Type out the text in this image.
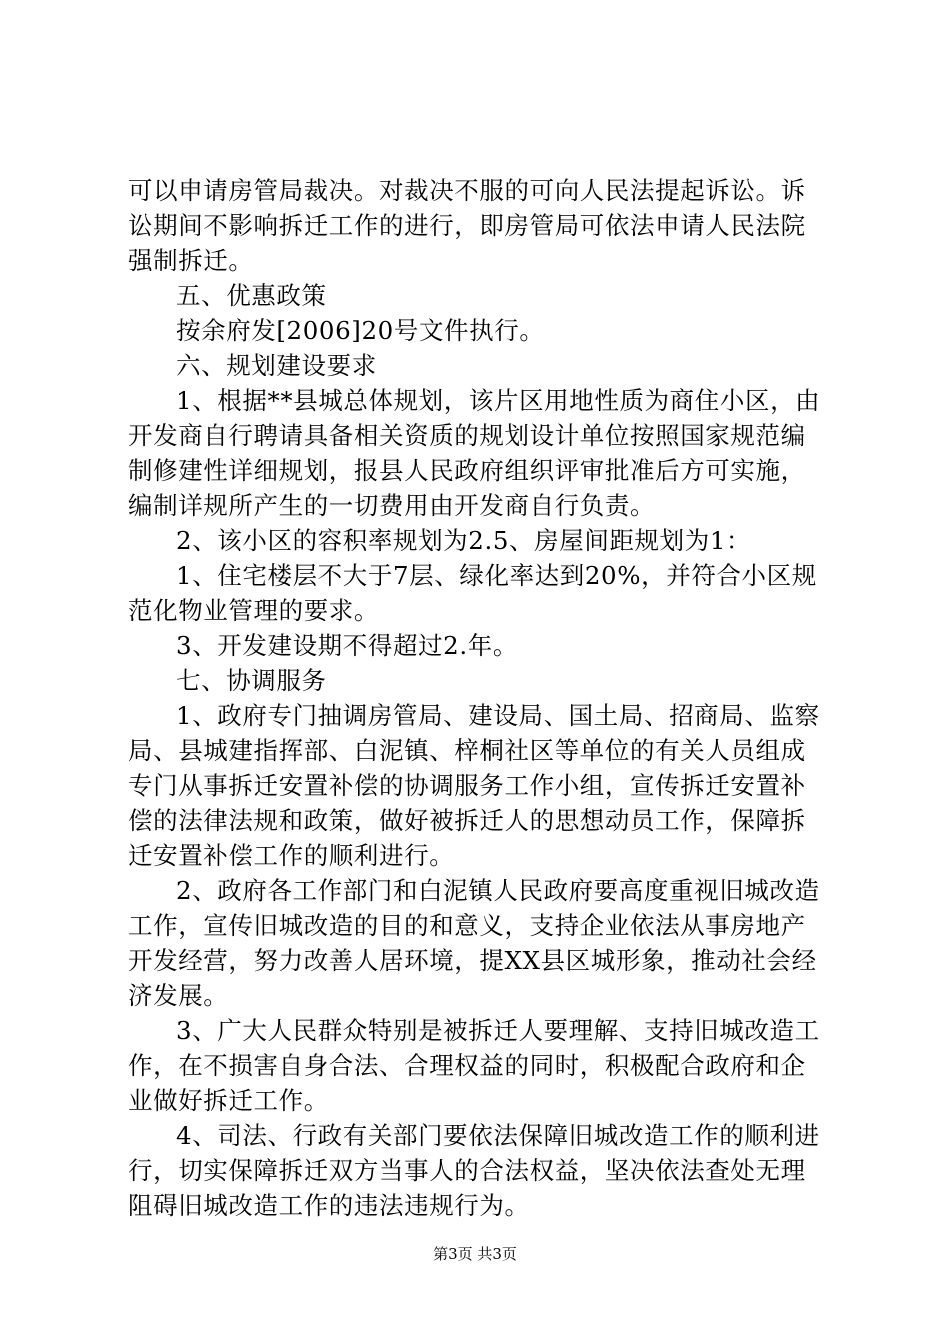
可以申请房管局裁决。对裁决不服的可向人民法提起诉讼。诉
讼期间不影响拆迁工作的进行，即房管局可依法申请人民法院
强制拆迁。
五、优惠政策
按余府发[2006]20号文件执行。
六、规划建设要求
1、根据**县城总体规划，该片区用地性质为商住小区，由
开发商自行聘请具备相关资质的规划设计单位按照国家规范编
制修建性详细规划，报县人民政府组织评审批准后方可实施，
编制详规所产生的一切费用由开发商自行负责。
2、该小区的容积率规划为2.5、房屋间距规划为1：
1、住宅楼层不大于7层、绿化率达到20%，并符合小区规
范化物业管理的要求。
3、开发建设期不得超过2.年。
七、协调服务
1、政府专门抽调房管局、建设局、国土局、招商局、监察
局、县城建指挥部、白泥镇、梓桐社区等单位的有关人员组成
专门从事拆迁安置补偿的协调服务工作小组，宣传拆迁安置补
偿的法律法规和政策，做好被拆迁人的思想动员工作，保障拆
迁安置补偿工作的顺利进行。
2、政府各工作部门和白泥镇人民政府要高度重视旧城改造
工作，宣传旧城改造的目的和意义，支持企业依法从事房地产
开发经营，努力改善人居环境，提XX县区城形象，推动社会经
济发展。
3、广大人民群众特别是被拆迁人要理解、支持旧城改造工
作，在不损害自身合法、合理权益的同时，积极配合政府和企
业做好拆迁工作。
4、司法、行政有关部门要依法保障旧城改造工作的顺利进
行，切实保障拆迁双方当事人的合法权益，坚决依法查处无理
阻碍旧城改造工作的违法违规行为。
第3页 共3页
